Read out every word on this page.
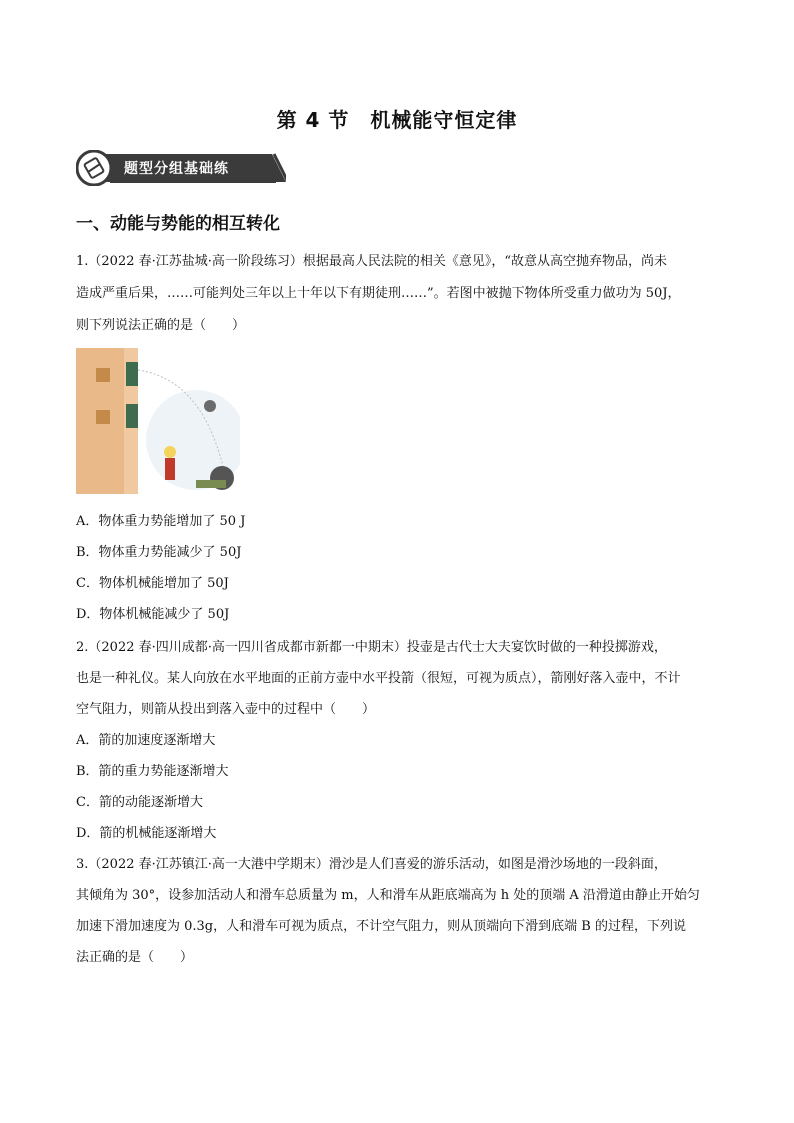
第 4 节　机械能守恒定律
题型分组基础练
一、动能与势能的相互转化
1.（2022 春·江苏盐城·高一阶段练习）根据最高人民法院的相关《意见》，“故意从高空抛弃物品，尚未
造成严重后果，……可能判处三年以上十年以下有期徒刑……”。若图中被抛下物体所受重力做功为 50J，
则下列说法正确的是（　　）
A．物体重力势能增加了 50 J
B．物体重力势能减少了 50J
C．物体机械能增加了 50J
D．物体机械能减少了 50J
2.（2022 春·四川成都·高一四川省成都市新都一中期末）投壶是古代士大夫宴饮时做的一种投掷游戏，
也是一种礼仪。某人向放在水平地面的正前方壶中水平投箭（很短，可视为质点），箭刚好落入壶中，不计
空气阻力，则箭从投出到落入壶中的过程中（　　）
A．箭的加速度逐渐增大
B．箭的重力势能逐渐增大
C．箭的动能逐渐增大
D．箭的机械能逐渐增大
3.（2022 春·江苏镇江·高一大港中学期末）滑沙是人们喜爱的游乐活动，如图是滑沙场地的一段斜面，
其倾角为 30°，设参加活动人和滑车总质量为 m，人和滑车从距底端高为 h 处的顶端 A 沿滑道由静止开始匀
加速下滑加速度为 0.3g，人和滑车可视为质点，不计空气阻力，则从顶端向下滑到底端 B 的过程，下列说
法正确的是（　　）
